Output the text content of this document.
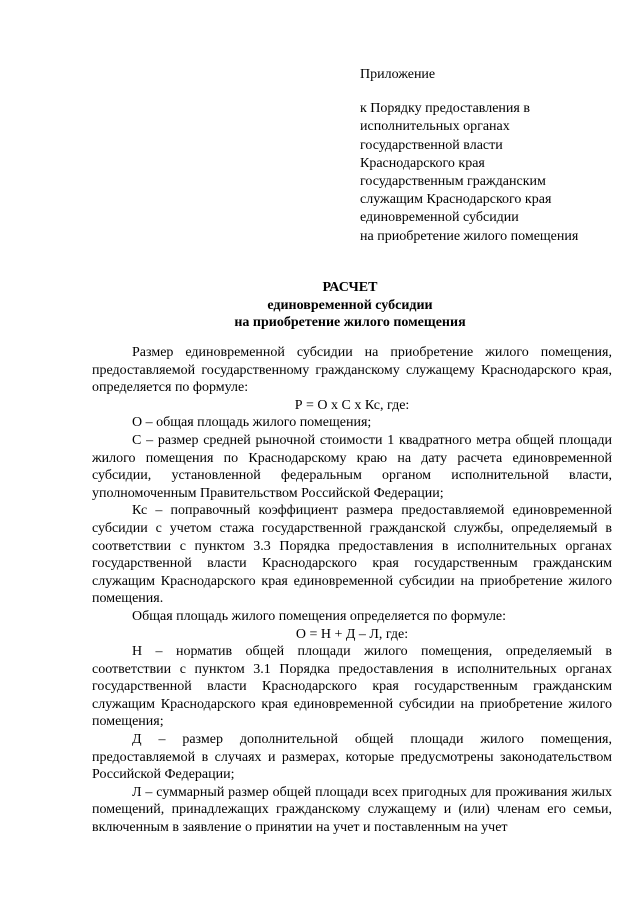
Приложение
к Порядку предоставления в
исполнительных органах
государственной власти
Краснодарского края
государственным гражданским
служащим Краснодарского края
единовременной субсидии
на приобретение жилого помещения
РАСЧЕТ
единовременной субсидии
на приобретение жилого помещения

Размер единовременной субсидии на приобретение жилого помещения, предоставляемой государственному гражданскому служащему Краснодарского края, определяется по формуле:

Р = О х С х Кс, где:

О – общая площадь жилого помещения;

С – размер средней рыночной стоимости 1 квадратного метра общей площади жилого помещения по Краснодарскому краю на дату расчета единовременной субсидии, установленной федеральным органом исполнительной власти, уполномоченным Правительством Российской Федерации;

Кс – поправочный коэффициент размера предоставляемой единовременной субсидии с учетом стажа государственной гражданской службы, определяемый в соответствии с пунктом 3.3 Порядка предоставления в исполнительных органах государственной власти Краснодарского края государственным гражданским служащим Краснодарского края единовременной субсидии на приобретение жилого помещения.

Общая площадь жилого помещения определяется по формуле:

О = Н + Д – Л, где:

Н – норматив общей площади жилого помещения, определяемый в соответствии с пунктом 3.1 Порядка предоставления в исполнительных органах государственной власти Краснодарского края государственным гражданским служащим Краснодарского края единовременной субсидии на приобретение жилого помещения;

Д – размер дополнительной общей площади жилого помещения, предоставляемой в случаях и размерах, которые предусмотрены законодательством Российской Федерации;

Л – суммарный размер общей площади всех пригодных для проживания жилых помещений, принадлежащих гражданскому служащему и (или) членам его семьи, включенным в заявление о принятии на учет и поставленным на учет
